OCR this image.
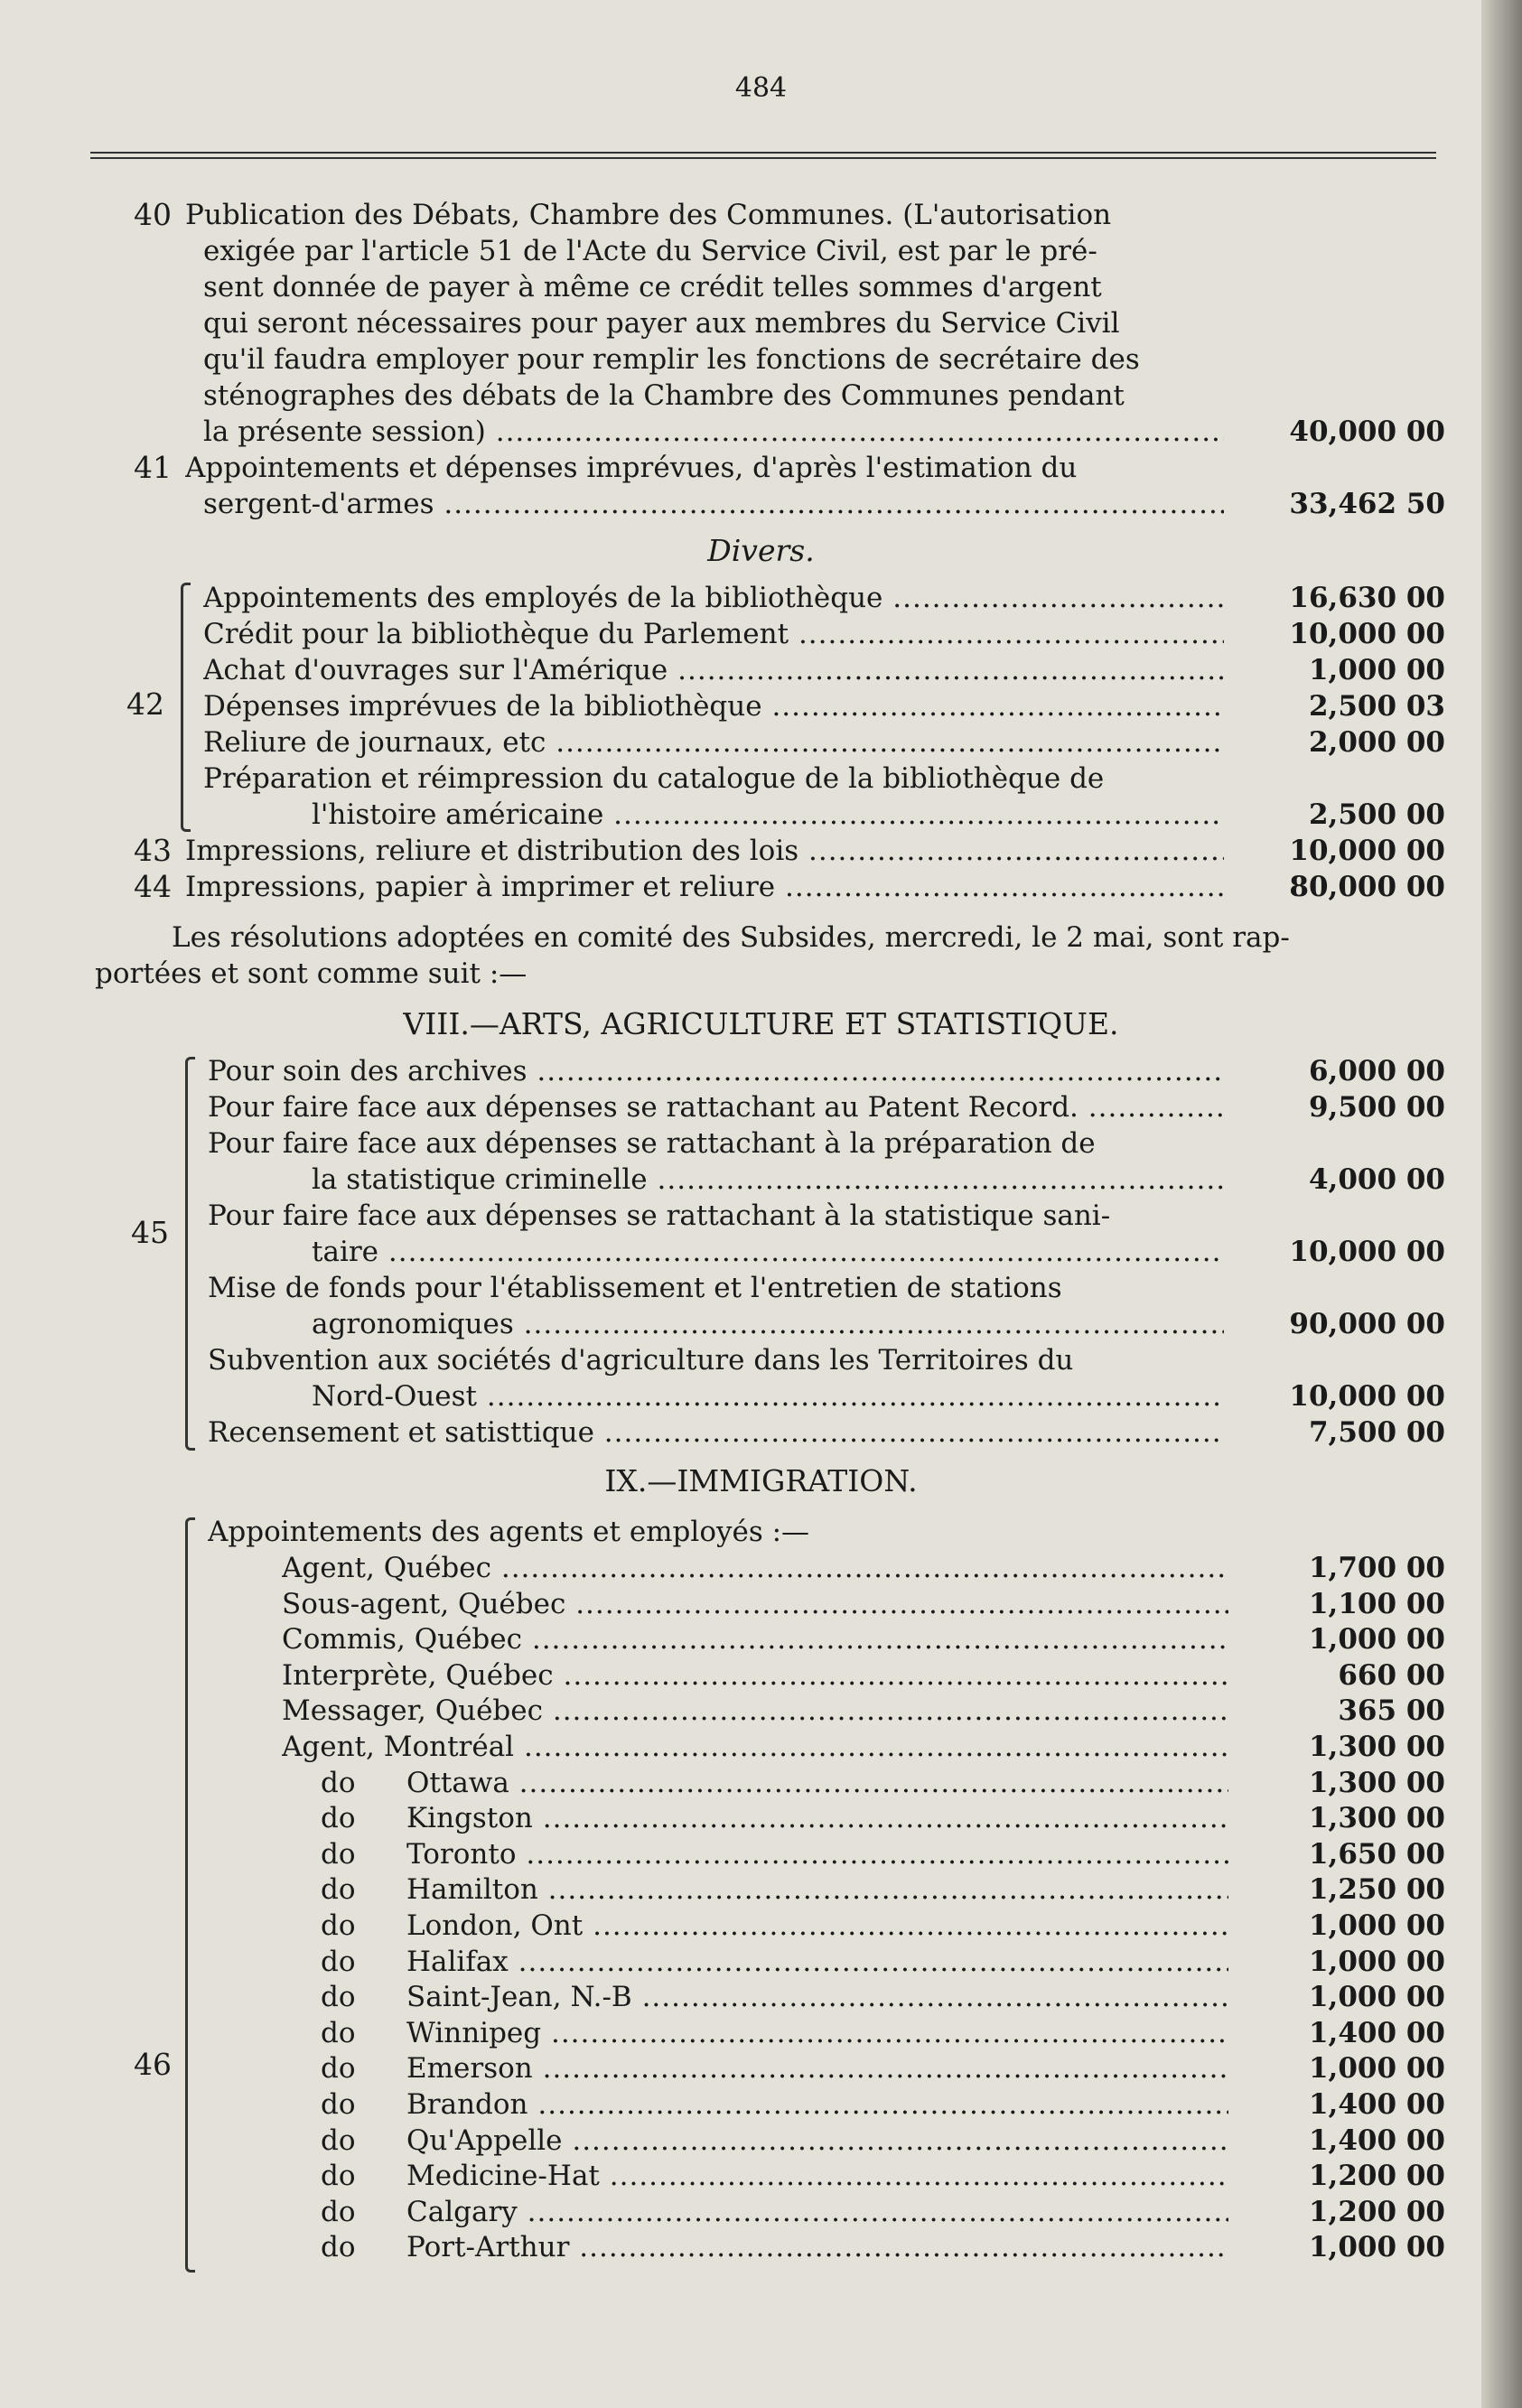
484
40 Publication des Débats, Chambre des Communes. (L'autorisation
exigée par l'article 51 de l'Acte du Service Civil, est par le pré-
sent donnée de payer à même ce crédit telles sommes d'argent
qui seront nécessaires pour payer aux membres du Service Civil
qu'il faudra employer pour remplir les fonctions de secrétaire des
sténographes des débats de la Chambre des Communes pendant
la présente session) .....	40,000 00
41 Appointements et dépenses imprévues, d'après l'estimation du
sergent-d'armes .....	33,462 50
Divers.
42
Appointements des employés de la bibliothèque .....	16,630 00
Crédit pour la bibliothèque du Parlement .....	10,000 00
Achat d'ouvrages sur l'Amérique .....	1,000 00
Dépenses imprévues de la bibliothèque .....	2,500 03
Reliure de journaux, etc .....	2,000 00
Préparation et réimpression du catalogue de la bibliothèque de
l'histoire américaine .....	2,500 00
43 Impressions, reliure et distribution des lois .....	10,000 00
44 Impressions, papier à imprimer et reliure .....	80,000 00
Les résolutions adoptées en comité des Subsides, mercredi, le 2 mai, sont rap-
portées et sont comme suit :—
VIII.—ARTS, AGRICULTURE ET STATISTIQUE.
45
Pour soin des archives .....	6,000 00
Pour faire face aux dépenses se rattachant au Patent Record. .....	9,500 00
Pour faire face aux dépenses se rattachant à la préparation de
la statistique criminelle .....	4,000 00
Pour faire face aux dépenses se rattachant à la statistique sani-
taire .....	10,000 00
Mise de fonds pour l'établissement et l'entretien de stations
agronomiques .....	90,000 00
Subvention aux sociétés d'agriculture dans les Territoires du
Nord-Ouest .....	10,000 00
Recensement et satisttique .....	7,500 00
IX.—IMMIGRATION.
46
Appointements des agents et employés :—
Agent, Québec .....	1,700 00
Sous-agent, Québec .....	1,100 00
Commis, Québec .....	1,000 00
Interprète, Québec .....	660 00
Messager, Québec .....	365 00
Agent, Montréal .....	1,300 00
do Ottawa .....	1,300 00
do Kingston .....	1,300 00
do Toronto .....	1,650 00
do Hamilton .....	1,250 00
do London, Ont .....	1,000 00
do Halifax .....	1,000 00
do Saint-Jean, N.-B .....	1,000 00
do Winnipeg .....	1,400 00
do Emerson .....	1,000 00
do Brandon .....	1,400 00
do Qu'Appelle .....	1,400 00
do Medicine-Hat .....	1,200 00
do Calgary .....	1,200 00
do Port-Arthur .....	1,000 00
